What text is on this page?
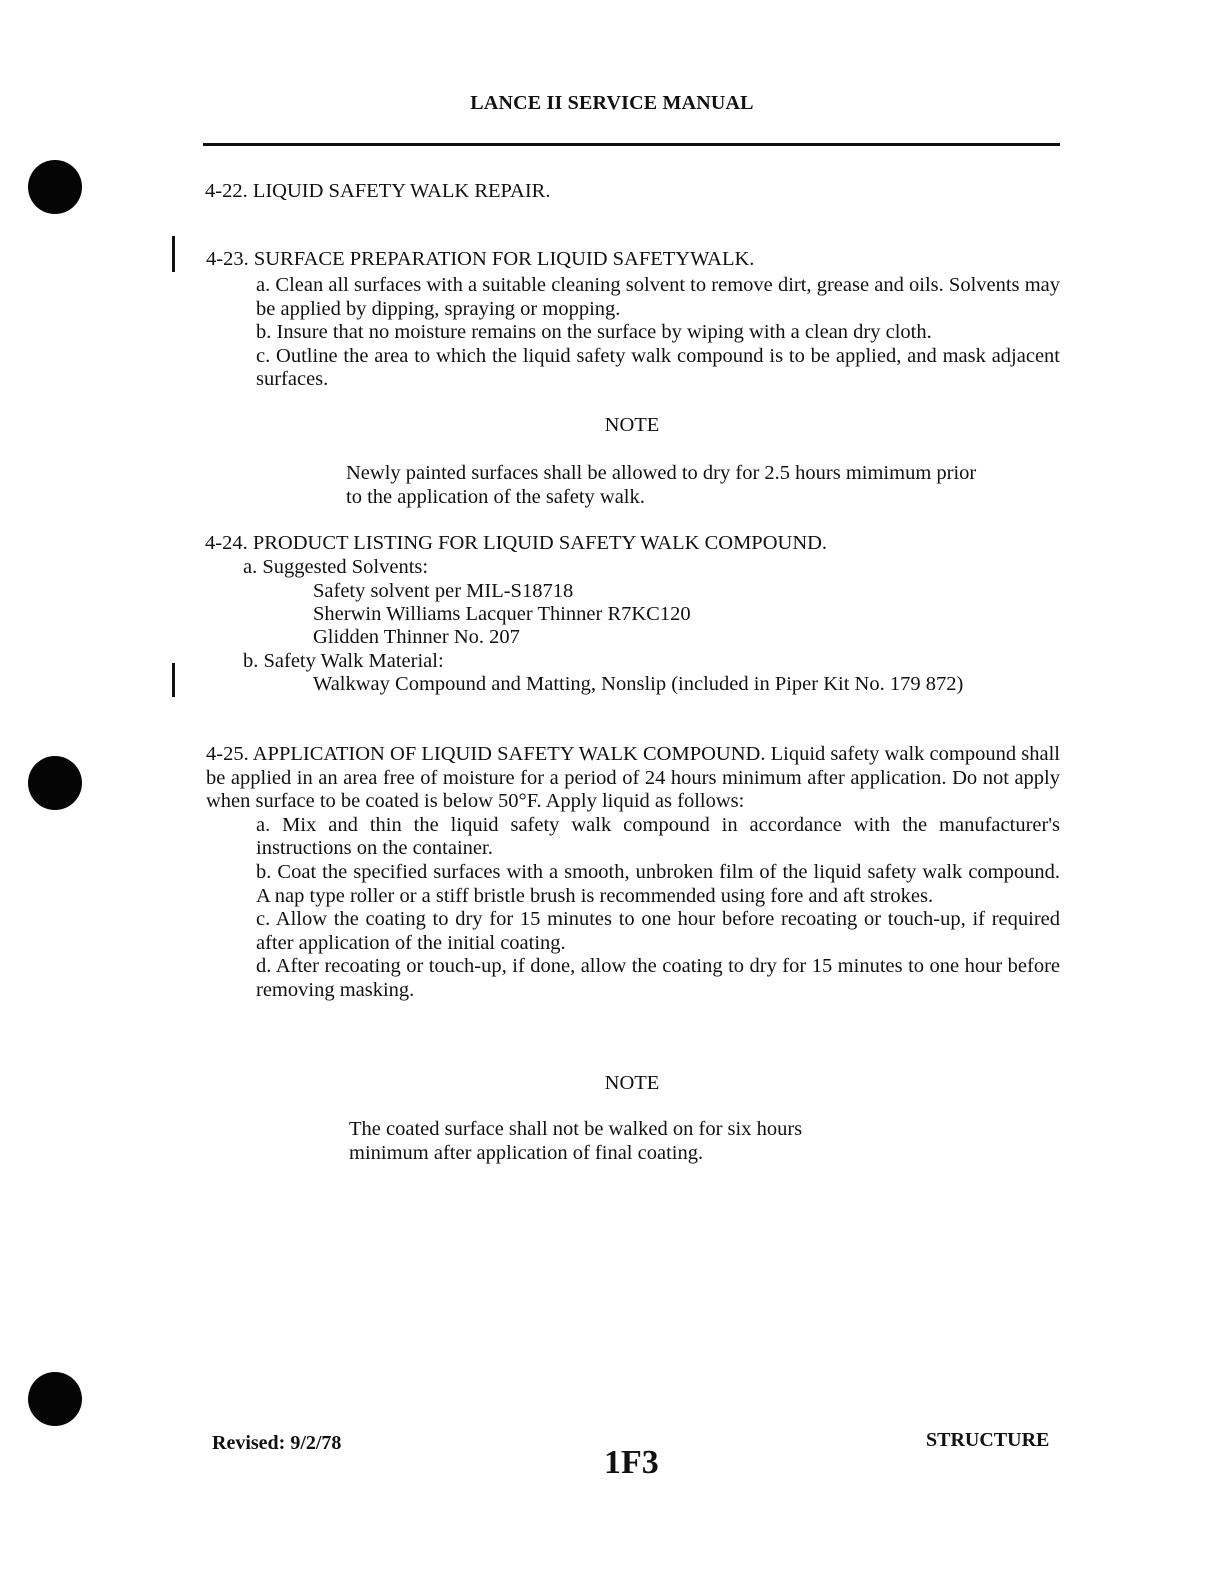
LANCE II SERVICE MANUAL
4-22. LIQUID SAFETY WALK REPAIR.
4-23. SURFACE PREPARATION FOR LIQUID SAFETYWALK.
a. Clean all surfaces with a suitable cleaning solvent to remove dirt, grease and oils. Solvents may be applied by dipping, spraying or mopping.
b. Insure that no moisture remains on the surface by wiping with a clean dry cloth.
c. Outline the area to which the liquid safety walk compound is to be applied, and mask adjacent surfaces.
NOTE
Newly painted surfaces shall be allowed to dry for 2.5 hours mimimum prior
to the application of the safety walk.
4-24. PRODUCT LISTING FOR LIQUID SAFETY WALK COMPOUND.
a. Suggested Solvents:
Safety solvent per MIL-S18718
Sherwin Williams Lacquer Thinner R7KC120
Glidden Thinner No. 207
b. Safety Walk Material:
Walkway Compound and Matting, Nonslip (included in Piper Kit No. 179 872)
4-25. APPLICATION OF LIQUID SAFETY WALK COMPOUND. Liquid safety walk compound shall be applied in an area free of moisture for a period of 24 hours minimum after application. Do not apply when surface to be coated is below 50°F. Apply liquid as follows:
a. Mix and thin the liquid safety walk compound in accordance with the manufacturer's instructions on the container.
b. Coat the specified surfaces with a smooth, unbroken film of the liquid safety walk compound. A nap type roller or a stiff bristle brush is recommended using fore and aft strokes.
c. Allow the coating to dry for 15 minutes to one hour before recoating or touch-up, if required after application of the initial coating.
d. After recoating or touch-up, if done, allow the coating to dry for 15 minutes to one hour before removing masking.
NOTE
The coated surface shall not be walked on for six hours
minimum after application of final coating.
Revised: 9/2/78
1F3
STRUCTURE
